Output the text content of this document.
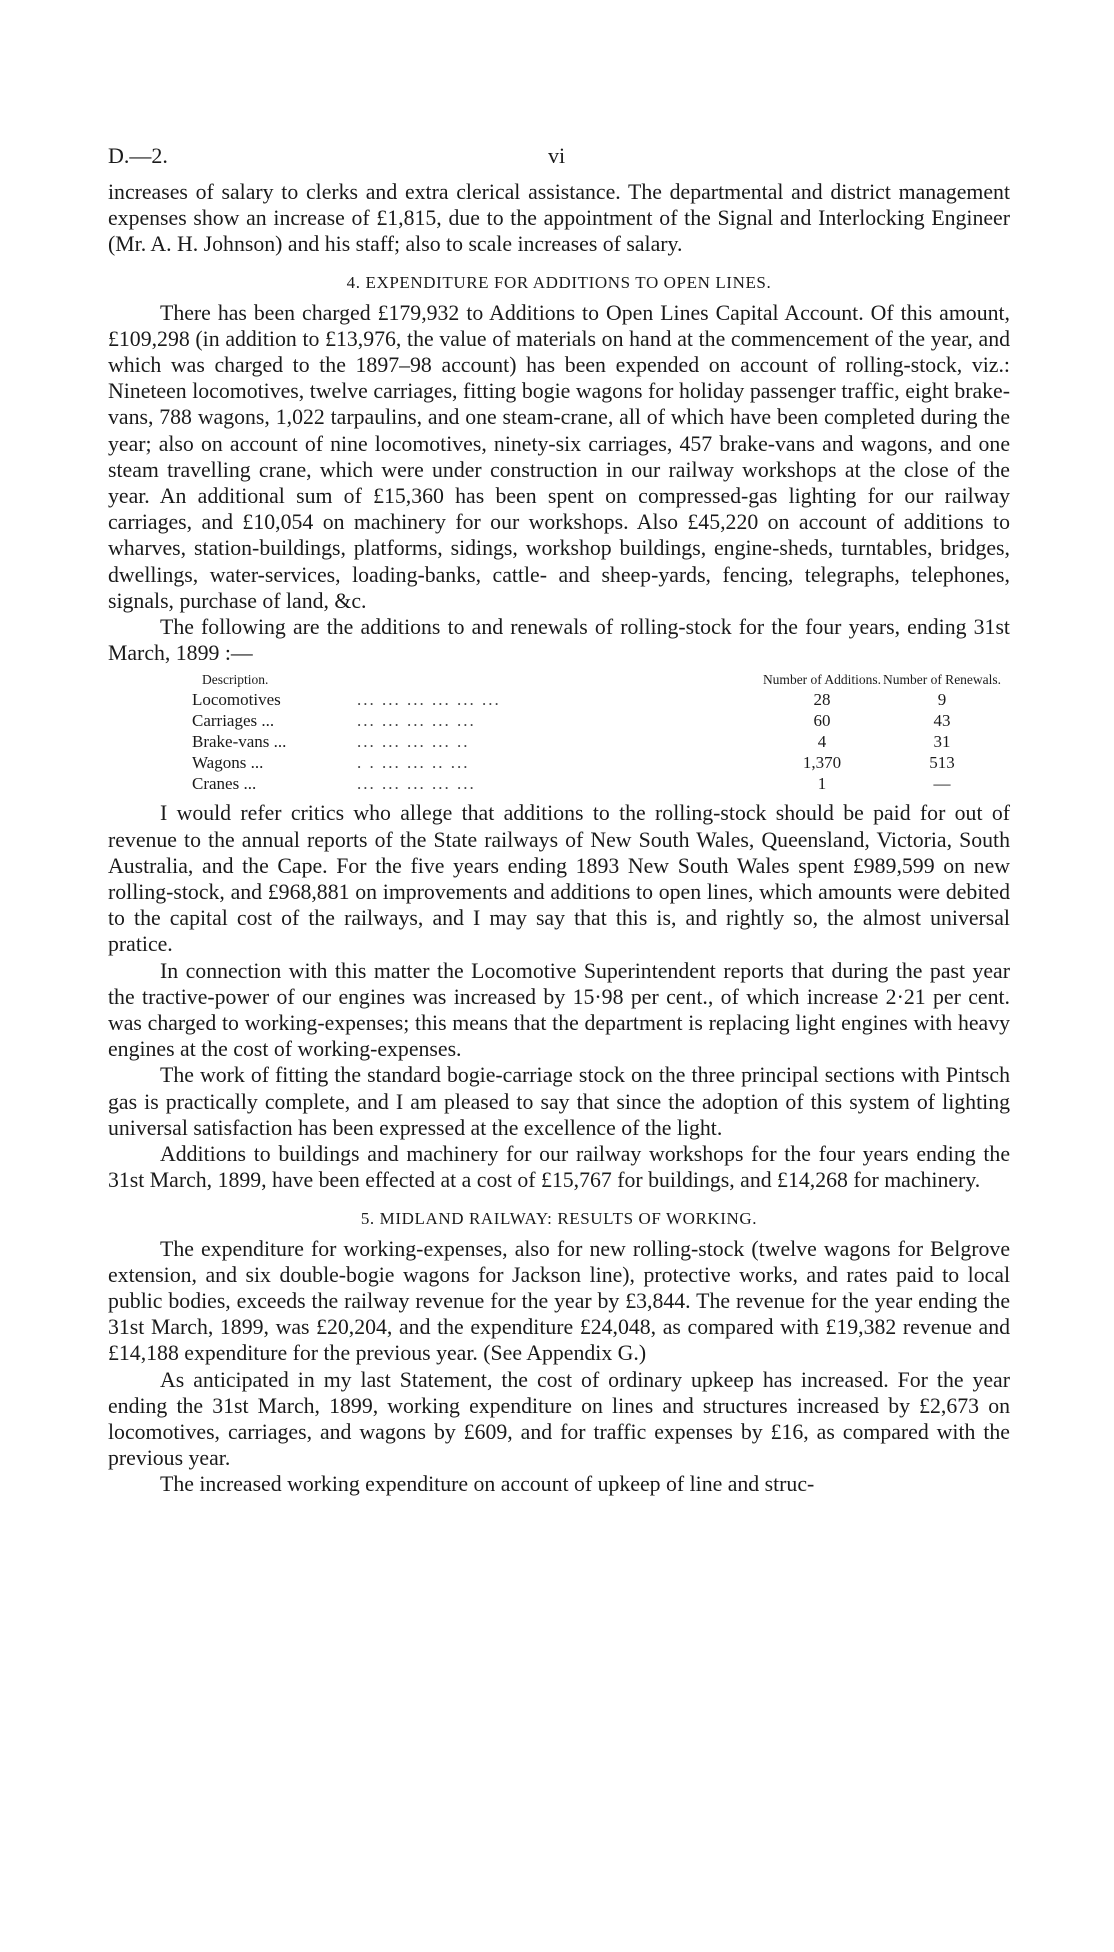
D.—2.	vi

increases of salary to clerks and extra clerical assistance. The departmental and district management expenses show an increase of £1,815, due to the appointment of the Signal and Interlocking Engineer (Mr. A. H. Johnson) and his staff; also to scale increases of salary.

4. EXPENDITURE FOR ADDITIONS TO OPEN LINES.

There has been charged £179,932 to Additions to Open Lines Capital Account. Of this amount, £109,298 (in addition to £13,976, the value of materials on hand at the commencement of the year, and which was charged to the 1897–98 account) has been expended on account of rolling-stock, viz.: Nineteen locomotives, twelve carriages, fitting bogie wagons for holiday passenger traffic, eight brake-vans, 788 wagons, 1,022 tarpaulins, and one steam-crane, all of which have been completed during the year; also on account of nine locomotives, ninety-six carriages, 457 brake-vans and wagons, and one steam travelling crane, which were under construction in our railway workshops at the close of the year. An additional sum of £15,360 has been spent on compressed-gas lighting for our railway carriages, and £10,054 on machinery for our workshops. Also £45,220 on account of additions to wharves, station-buildings, platforms, sidings, workshop buildings, engine-sheds, turntables, bridges, dwellings, water-services, loading-banks, cattle- and sheep-yards, fencing, telegraphs, telephones, signals, purchase of land, &c.

The following are the additions to and renewals of rolling-stock for the four years, ending 31st March, 1899 :—

Description.	Number of Additions.	Number of Renewals.
Locomotives ... ... ... ... ... ...	28	9
Carriages ... ... ... ... ... ...	60	43
Brake-vans ... ... ... ... ... ..	4	31
Wagons ... . . ... ... .. ...	1,370	513
Cranes ... ... ... ... ... ...	1	—

I would refer critics who allege that additions to the rolling-stock should be paid for out of revenue to the annual reports of the State railways of New South Wales, Queensland, Victoria, South Australia, and the Cape. For the five years ending 1893 New South Wales spent £989,599 on new rolling-stock, and £968,881 on improvements and additions to open lines, which amounts were debited to the capital cost of the railways, and I may say that this is, and rightly so, the almost universal pratice.

In connection with this matter the Locomotive Superintendent reports that during the past year the tractive-power of our engines was increased by 15·98 per cent., of which increase 2·21 per cent. was charged to working-expenses; this means that the department is replacing light engines with heavy engines at the cost of working-expenses.

The work of fitting the standard bogie-carriage stock on the three principal sections with Pintsch gas is practically complete, and I am pleased to say that since the adoption of this system of lighting universal satisfaction has been expressed at the excellence of the light.

Additions to buildings and machinery for our railway workshops for the four years ending the 31st March, 1899, have been effected at a cost of £15,767 for buildings, and £14,268 for machinery.

5. MIDLAND RAILWAY: RESULTS OF WORKING.

The expenditure for working-expenses, also for new rolling-stock (twelve wagons for Belgrove extension, and six double-bogie wagons for Jackson line), protective works, and rates paid to local public bodies, exceeds the railway revenue for the year by £3,844. The revenue for the year ending the 31st March, 1899, was £20,204, and the expenditure £24,048, as compared with £19,382 revenue and £14,188 expenditure for the previous year. (See Appendix G.)

As anticipated in my last Statement, the cost of ordinary upkeep has increased. For the year ending the 31st March, 1899, working expenditure on lines and structures increased by £2,673 on locomotives, carriages, and wagons by £609, and for traffic expenses by £16, as compared with the previous year.

The increased working expenditure on account of upkeep of line and struc-
